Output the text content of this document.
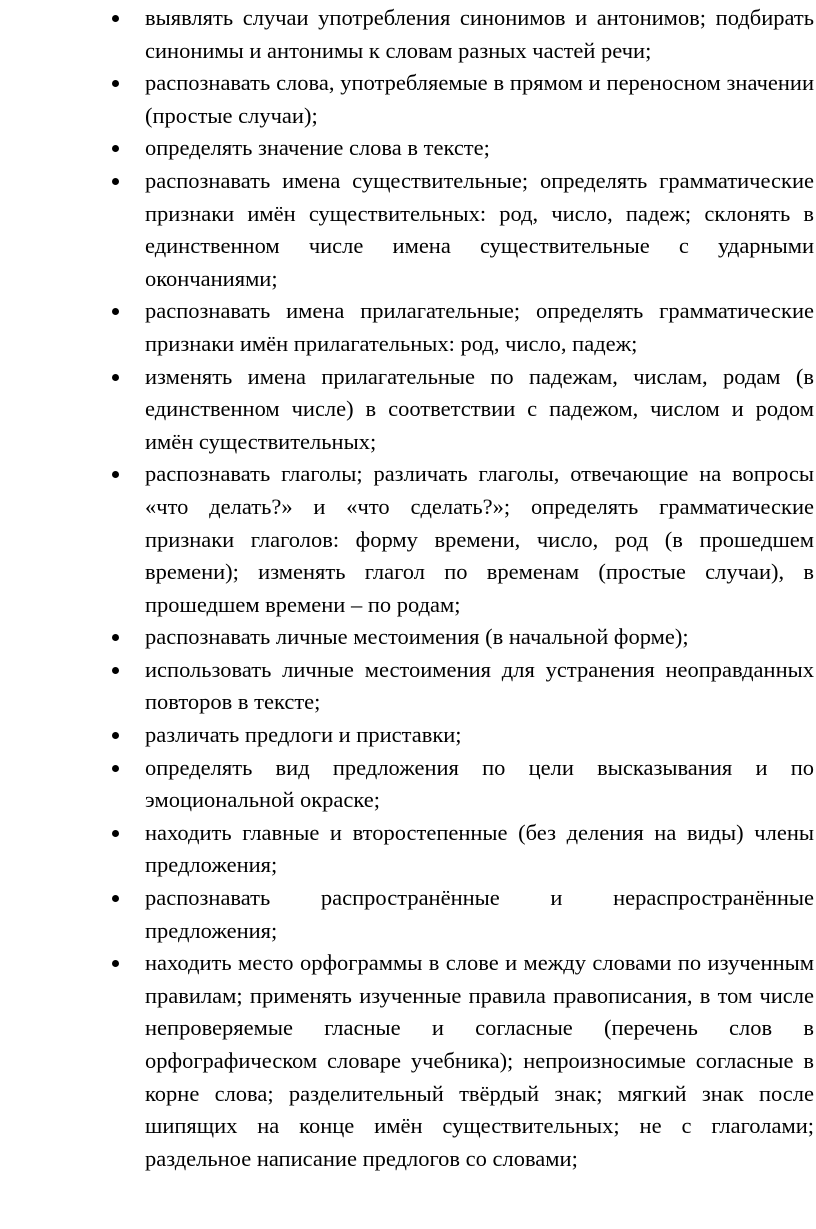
выявлять случаи употребления синонимов и антонимов; подбирать синонимы и антонимы к словам разных частей речи;
распознавать слова, употребляемые в прямом и переносном значении (простые случаи);
определять значение слова в тексте;
распознавать имена существительные; определять грамматические признаки имён существительных: род, число, падеж; склонять в единственном числе имена существительные с ударными окончаниями;
распознавать имена прилагательные; определять грамматические признаки имён прилагательных: род, число, падеж;
изменять имена прилагательные по падежам, числам, родам (в единственном числе) в соответствии с падежом, числом и родом имён существительных;
распознавать глаголы; различать глаголы, отвечающие на вопросы «что делать?» и «что сделать?»; определять грамматические признаки глаголов: форму времени, число, род (в прошедшем времени); изменять глагол по временам (простые случаи), в прошедшем времени – по родам;
распознавать личные местоимения (в начальной форме);
использовать личные местоимения для устранения неоправданных повторов в тексте;
различать предлоги и приставки;
определять вид предложения по цели высказывания и по эмоциональной окраске;
находить главные и второстепенные (без деления на виды) члены предложения;
распознавать распространённые и нераспространённые предложения;
находить место орфограммы в слове и между словами по изученным правилам; применять изученные правила правописания, в том числе непроверяемые гласные и согласные (перечень слов в орфографическом словаре учебника); непроизносимые согласные в корне слова; разделительный твёрдый знак; мягкий знак после шипящих на конце имён существительных; не с глаголами; раздельное написание предлогов со словами;
